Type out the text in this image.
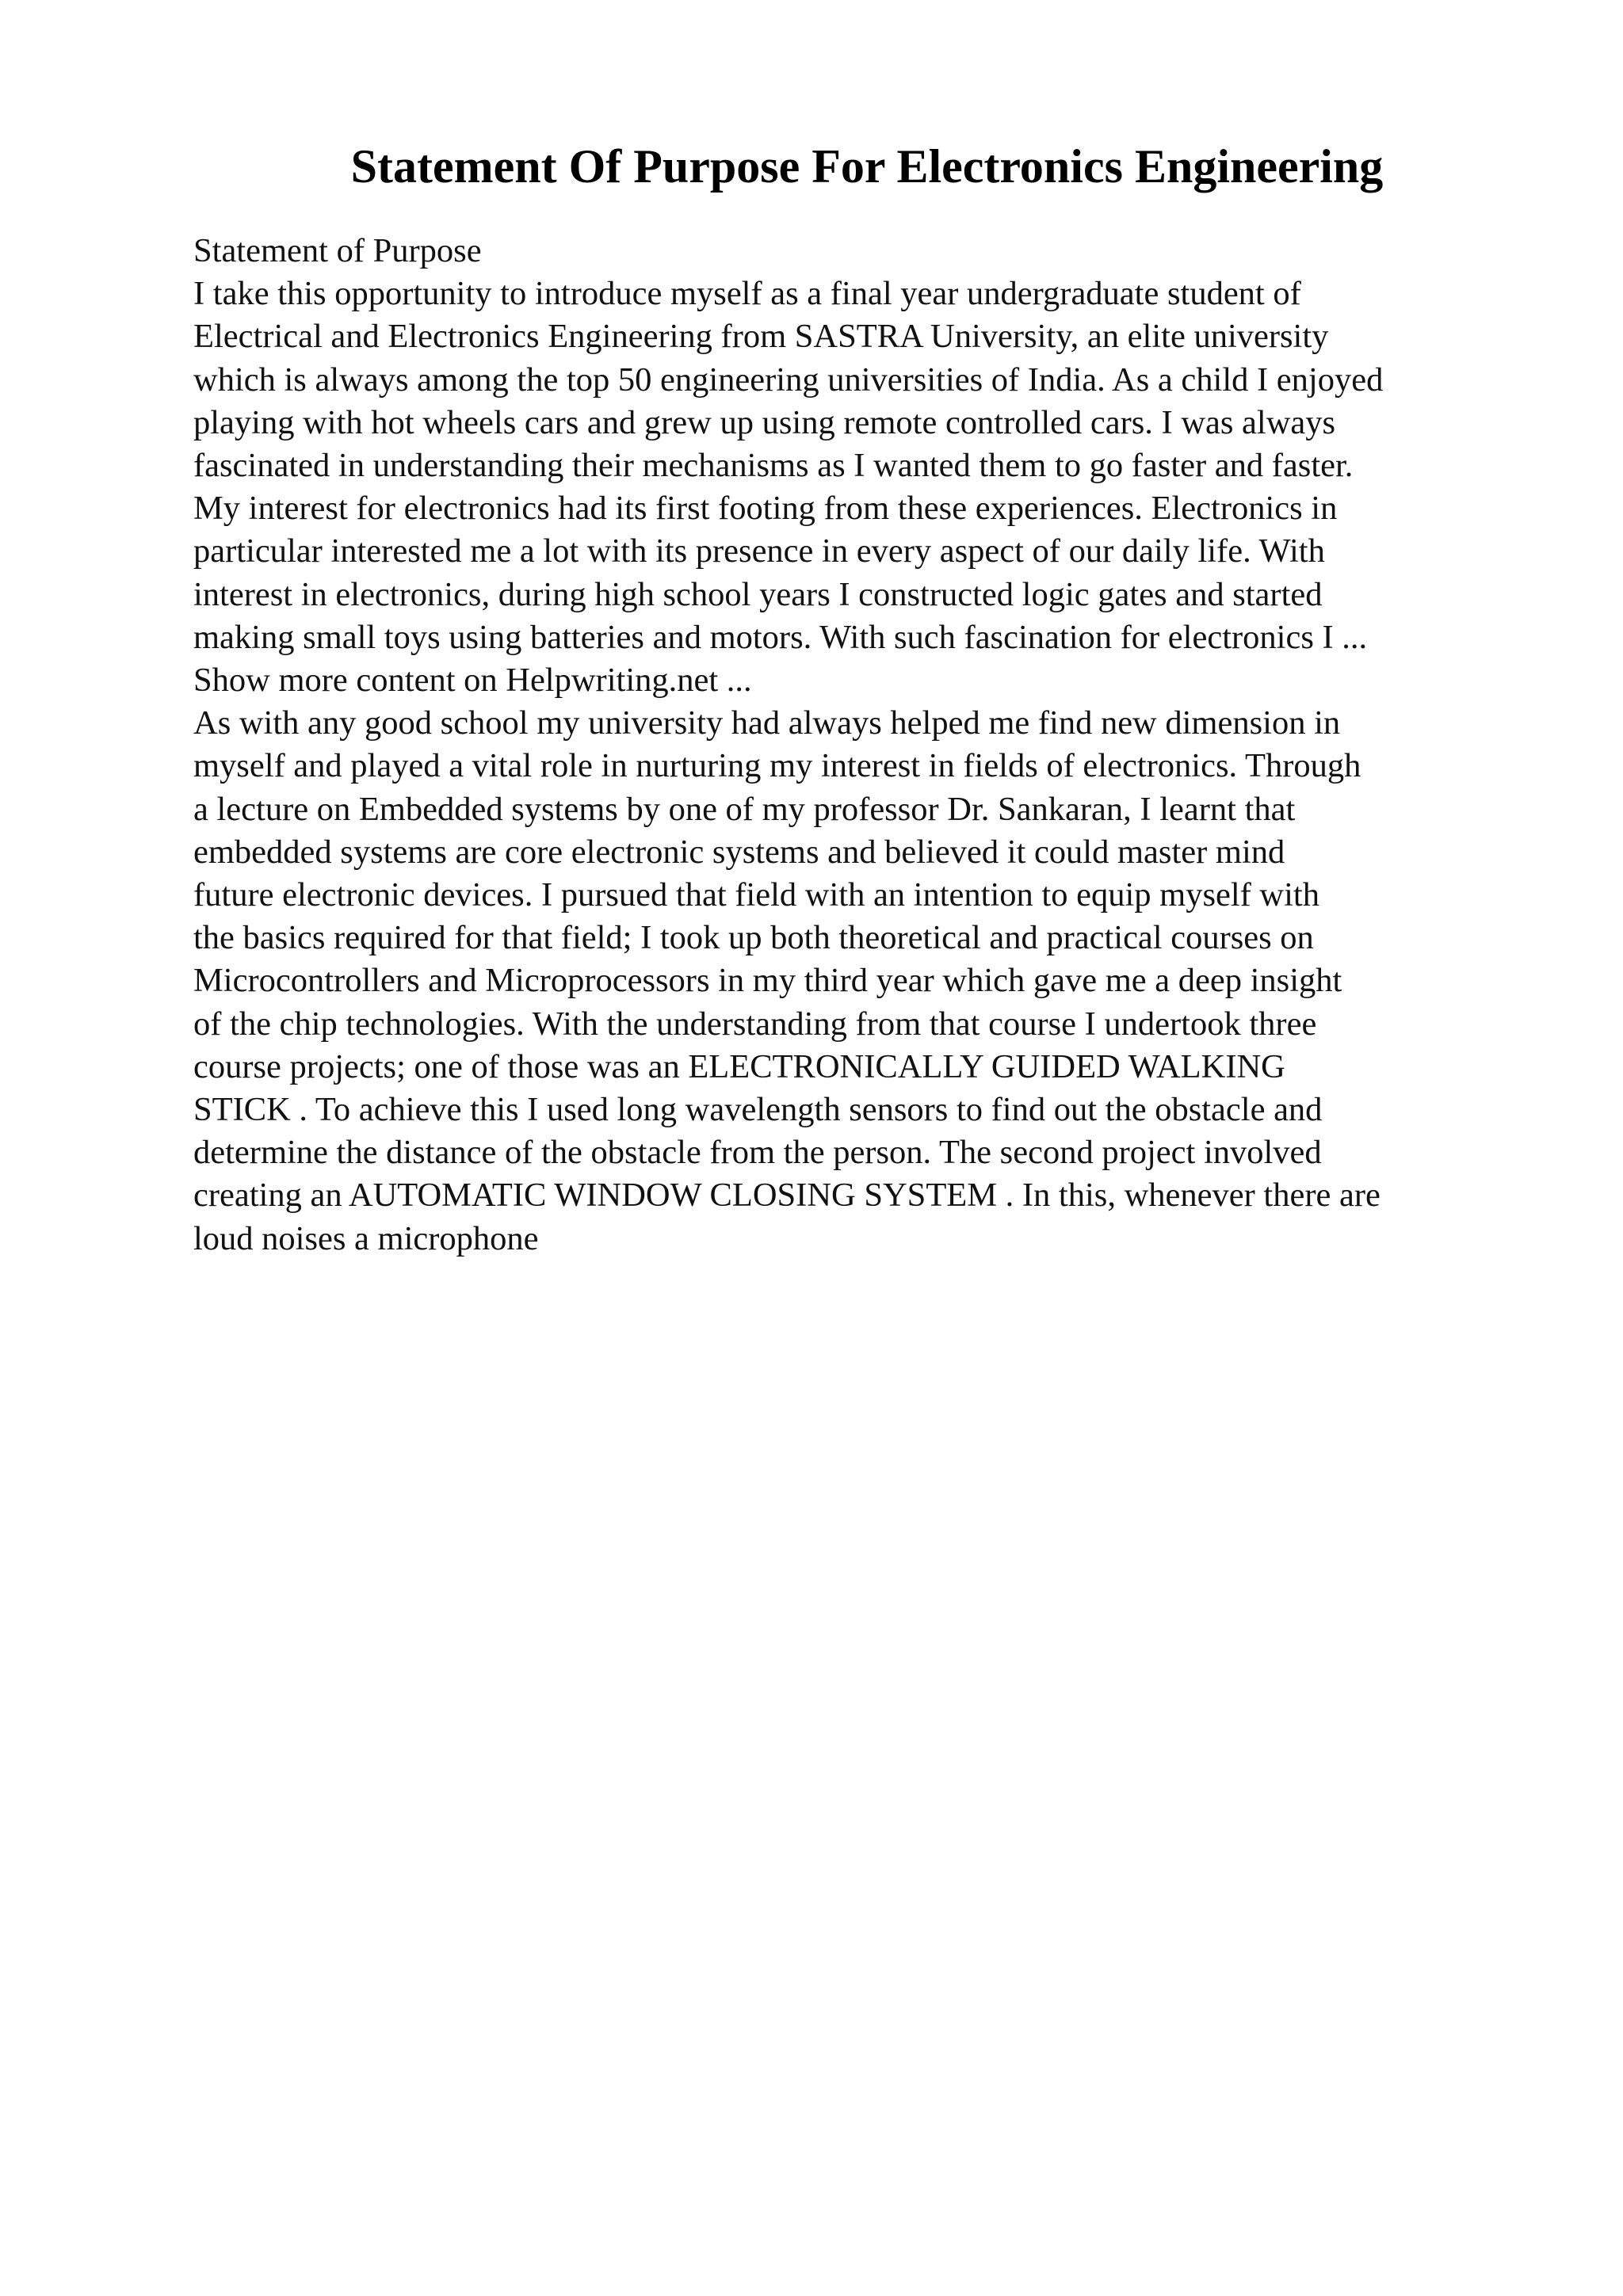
Statement Of Purpose For Electronics Engineering
Statement of Purpose
I take this opportunity to introduce myself as a final year undergraduate student of
Electrical and Electronics Engineering from SASTRA University, an elite university
which is always among the top 50 engineering universities of India. As a child I enjoyed
playing with hot wheels cars and grew up using remote controlled cars. I was always
fascinated in understanding their mechanisms as I wanted them to go faster and faster.
My interest for electronics had its first footing from these experiences. Electronics in
particular interested me a lot with its presence in every aspect of our daily life. With
interest in electronics, during high school years I constructed logic gates and started
making small toys using batteries and motors. With such fascination for electronics I ...
Show more content on Helpwriting.net ...
As with any good school my university had always helped me find new dimension in
myself and played a vital role in nurturing my interest in fields of electronics. Through
a lecture on Embedded systems by one of my professor Dr. Sankaran, I learnt that
embedded systems are core electronic systems and believed it could master mind
future electronic devices. I pursued that field with an intention to equip myself with
the basics required for that field; I took up both theoretical and practical courses on
Microcontrollers and Microprocessors in my third year which gave me a deep insight
of the chip technologies. With the understanding from that course I undertook three
course projects; one of those was an ELECTRONICALLY GUIDED WALKING
STICK . To achieve this I used long wavelength sensors to find out the obstacle and
determine the distance of the obstacle from the person. The second project involved
creating an AUTOMATIC WINDOW CLOSING SYSTEM . In this, whenever there are
loud noises a microphone
